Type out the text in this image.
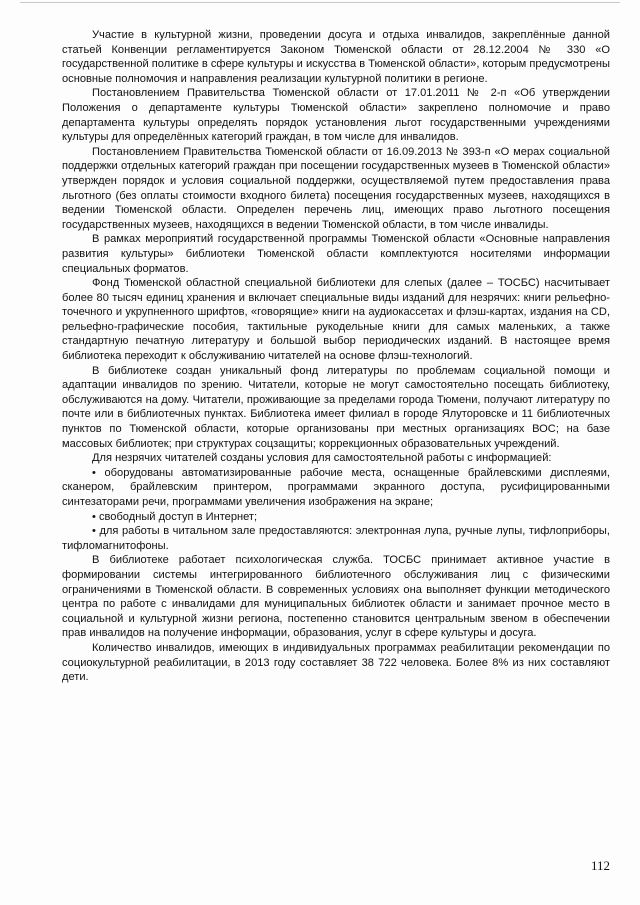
Участие в культурной жизни, проведении досуга и отдыха инвалидов, закреплённые данной статьей Конвенции регламентируется Законом Тюменской области от 28.12.2004 № 330 «О государственной политике в сфере культуры и искусства в Тюменской области», которым предусмотрены основные полномочия и направления реализации культурной политики в регионе.

Постановлением Правительства Тюменской области от 17.01.2011 № 2-п «Об утверждении Положения о департаменте культуры Тюменской области» закреплено полномочие и право департамента культуры определять порядок установления льгот государственными учреждениями культуры для определённых категорий граждан, в том числе для инвалидов.

Постановлением Правительства Тюменской области от 16.09.2013 № 393-п «О мерах социальной поддержки отдельных категорий граждан при посещении государственных музеев в Тюменской области» утвержден порядок и условия социальной поддержки, осуществляемой путем предоставления права льготного (без оплаты стоимости входного билета) посещения государственных музеев, находящихся в ведении Тюменской области. Определен перечень лиц, имеющих право льготного посещения государственных музеев, находящихся в ведении Тюменской области, в том числе инвалиды.

В рамках мероприятий государственной программы Тюменской области «Основные направления развития культуры» библиотеки Тюменской области комплектуются носителями информации специальных форматов.

Фонд Тюменской областной специальной библиотеки для слепых (далее – ТОСБС) насчитывает более 80 тысяч единиц хранения и включает специальные виды изданий для незрячих: книги рельефно-точечного и укрупненного шрифтов, «говорящие» книги на аудиокассетах и флэш-картах, издания на CD, рельефно-графические пособия, тактильные рукодельные книги для самых маленьких, а также стандартную печатную литературу и большой выбор периодических изданий. В настоящее время библиотека переходит к обслуживанию читателей на основе флэш-технологий.

В библиотеке создан уникальный фонд литературы по проблемам социальной помощи и адаптации инвалидов по зрению. Читатели, которые не могут самостоятельно посещать библиотеку, обслуживаются на дому. Читатели, проживающие за пределами города Тюмени, получают литературу по почте или в библиотечных пунктах. Библиотека имеет филиал в городе Ялуторовске и 11 библиотечных пунктов по Тюменской области, которые организованы при местных организациях ВОС; на базе массовых библиотек; при структурах соцзащиты; коррекционных образовательных учреждений.

Для незрячих читателей созданы условия для самостоятельной работы с информацией:

• оборудованы автоматизированные рабочие места, оснащенные брайлевскими дисплеями, сканером, брайлевским принтером, программами экранного доступа, русифицированными синтезаторами речи, программами увеличения изображения на экране;

• свободный доступ в Интернет;

• для работы в читальном зале предоставляются: электронная лупа, ручные лупы, тифлоприборы, тифломагнитофоны.

В библиотеке работает психологическая служба. ТОСБС принимает активное участие в формировании системы интегрированного библиотечного обслуживания лиц с физическими ограничениями в Тюменской области. В современных условиях она выполняет функции методического центра по работе с инвалидами для муниципальных библиотек области и занимает прочное место в социальной и культурной жизни региона, постепенно становится центральным звеном в обеспечении прав инвалидов на получение информации, образования, услуг в сфере культуры и досуга.

Количество инвалидов, имеющих в индивидуальных программах реабилитации рекомендации по социокультурной реабилитации, в 2013 году составляет 38 722 человека. Более 8% из них составляют дети.

112
